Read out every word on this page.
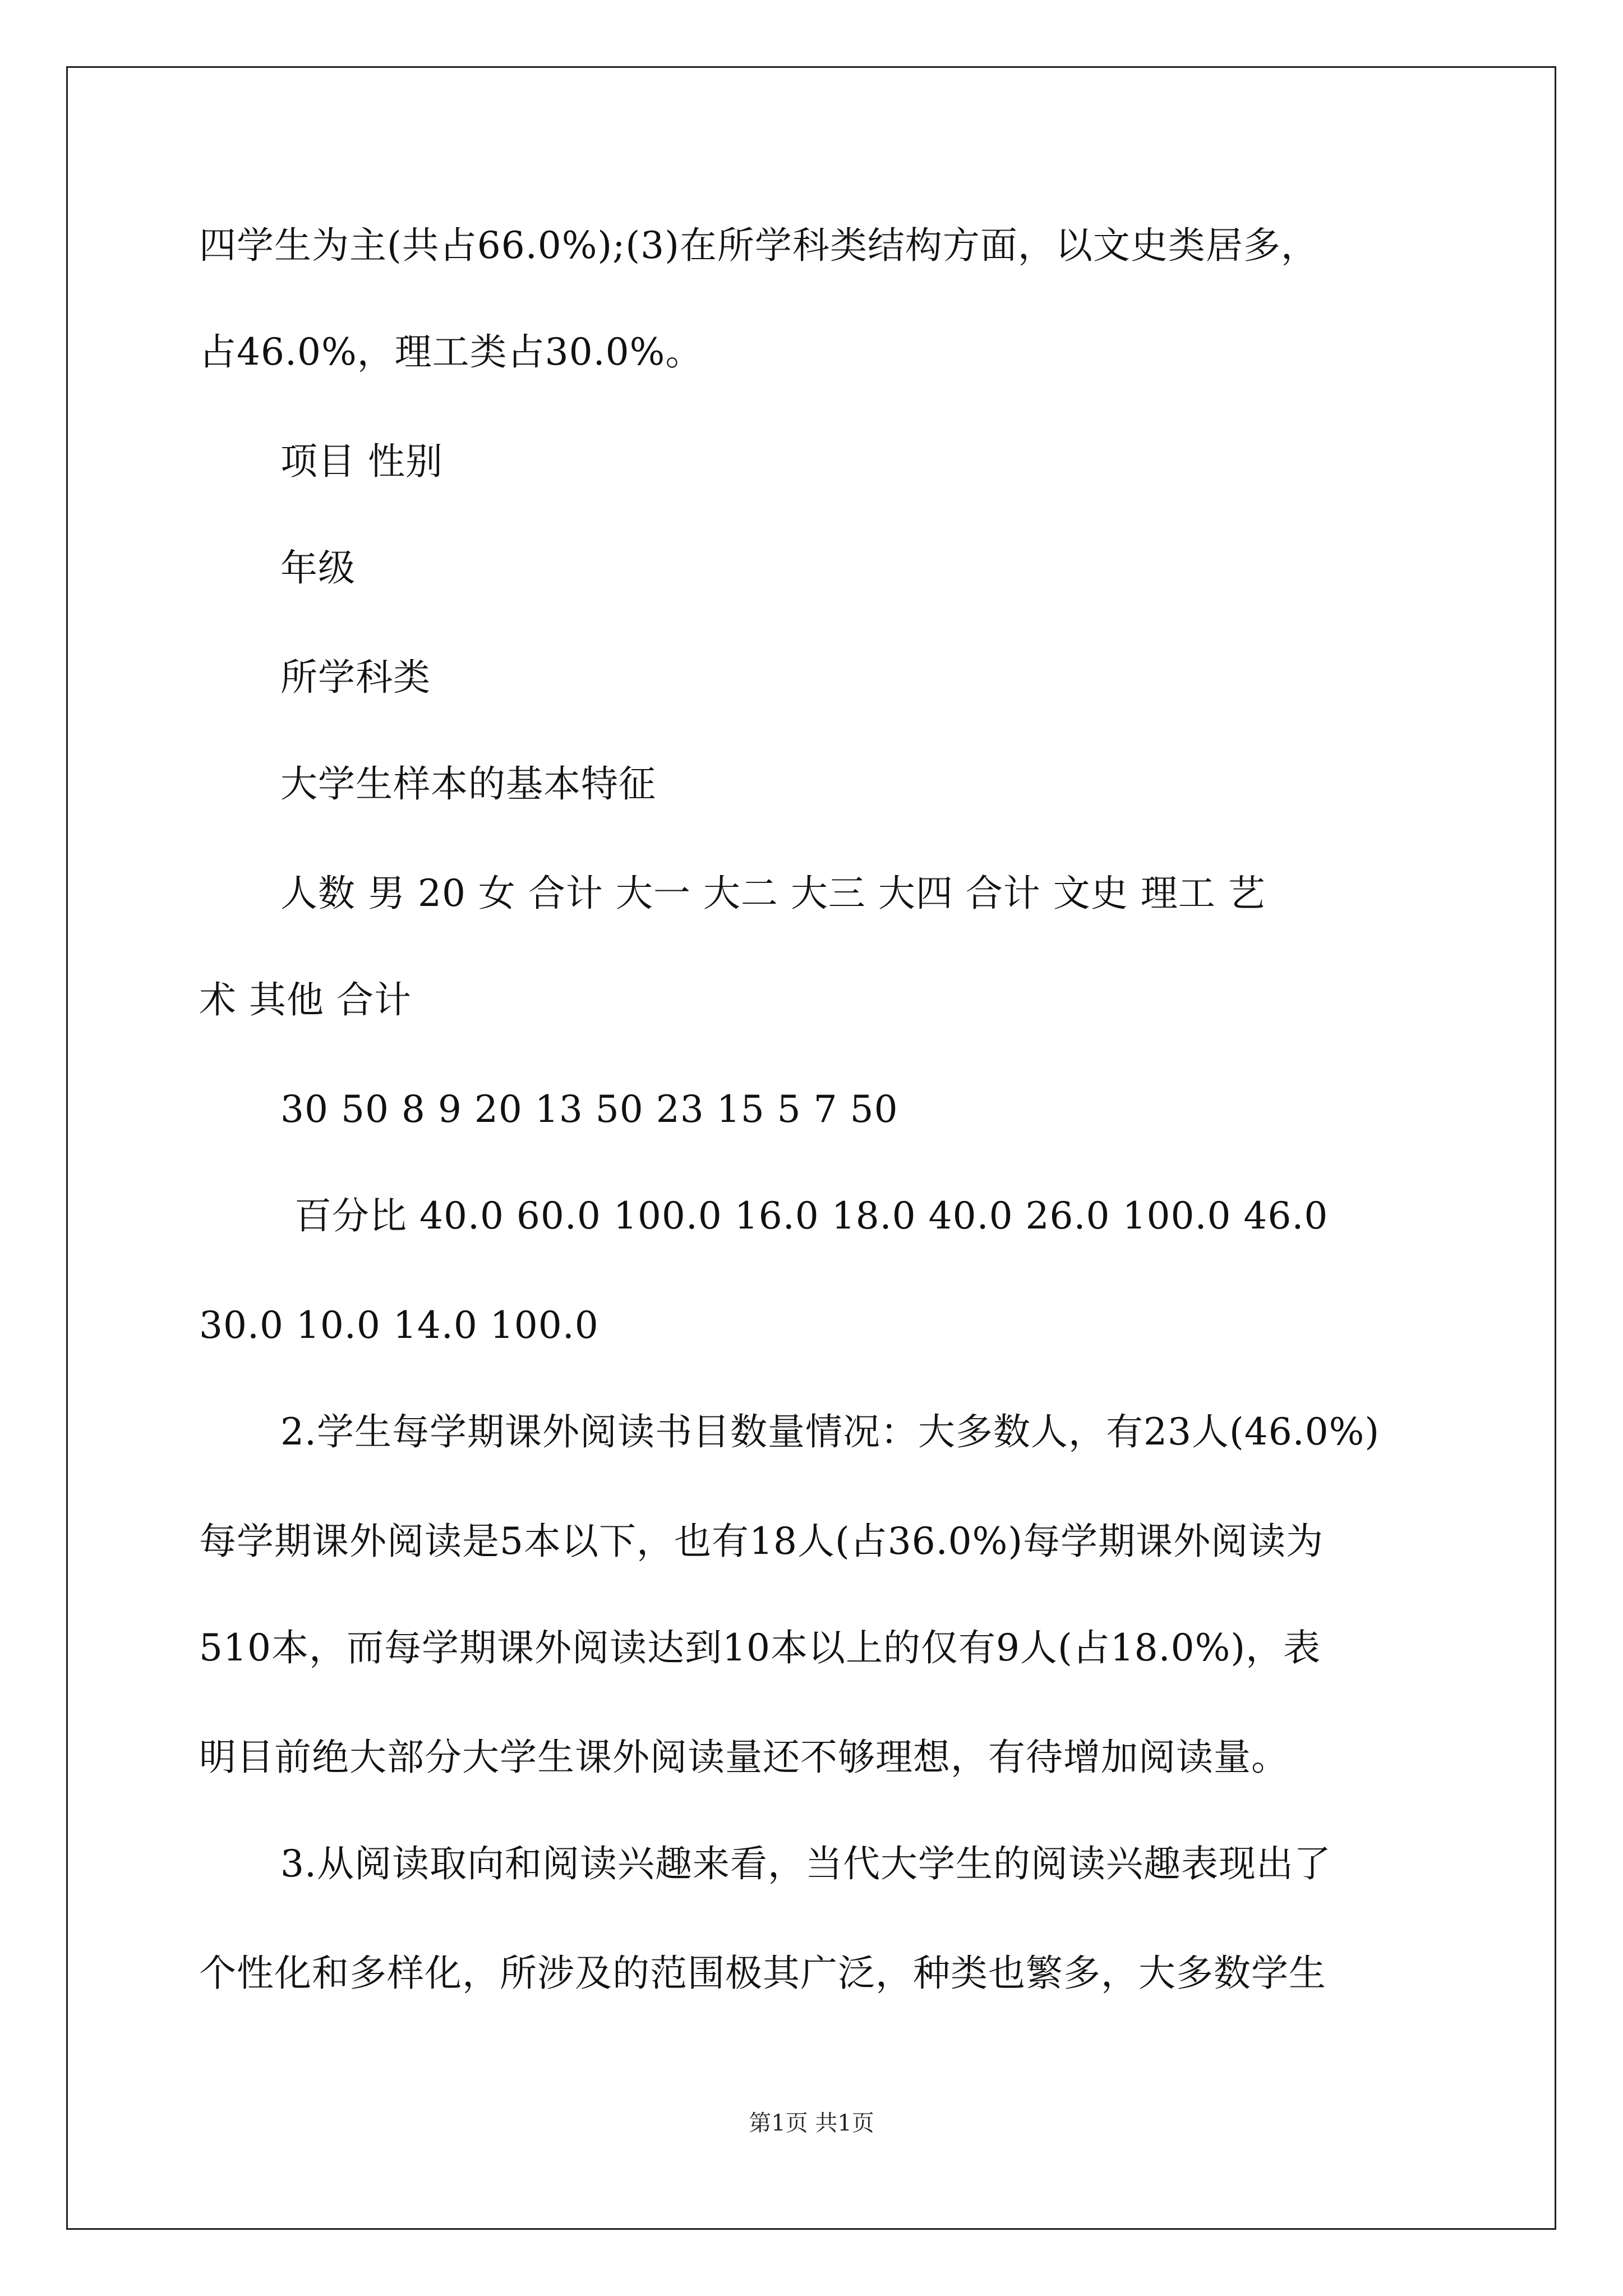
四学生为主(共占66.0%);(3)在所学科类结构方面，以文史类居多，
占46.0%，理工类占30.0%。
项目 性别
年级
所学科类
大学生样本的基本特征
人数 男 20 女 合计 大一 大二 大三 大四 合计 文史 理工 艺
术 其他 合计
30 50 8 9 20 13 50 23 15 5 7 50
百分比 40.0 60.0 100.0 16.0 18.0 40.0 26.0 100.0 46.0
30.0 10.0 14.0 100.0
2.学生每学期课外阅读书目数量情况：大多数人，有23人(46.0%)
每学期课外阅读是5本以下，也有18人(占36.0%)每学期课外阅读为
510本，而每学期课外阅读达到10本以上的仅有9人(占18.0%)，表
明目前绝大部分大学生课外阅读量还不够理想，有待增加阅读量。
3.从阅读取向和阅读兴趣来看，当代大学生的阅读兴趣表现出了
个性化和多样化，所涉及的范围极其广泛，种类也繁多，大多数学生
第1页 共1页
